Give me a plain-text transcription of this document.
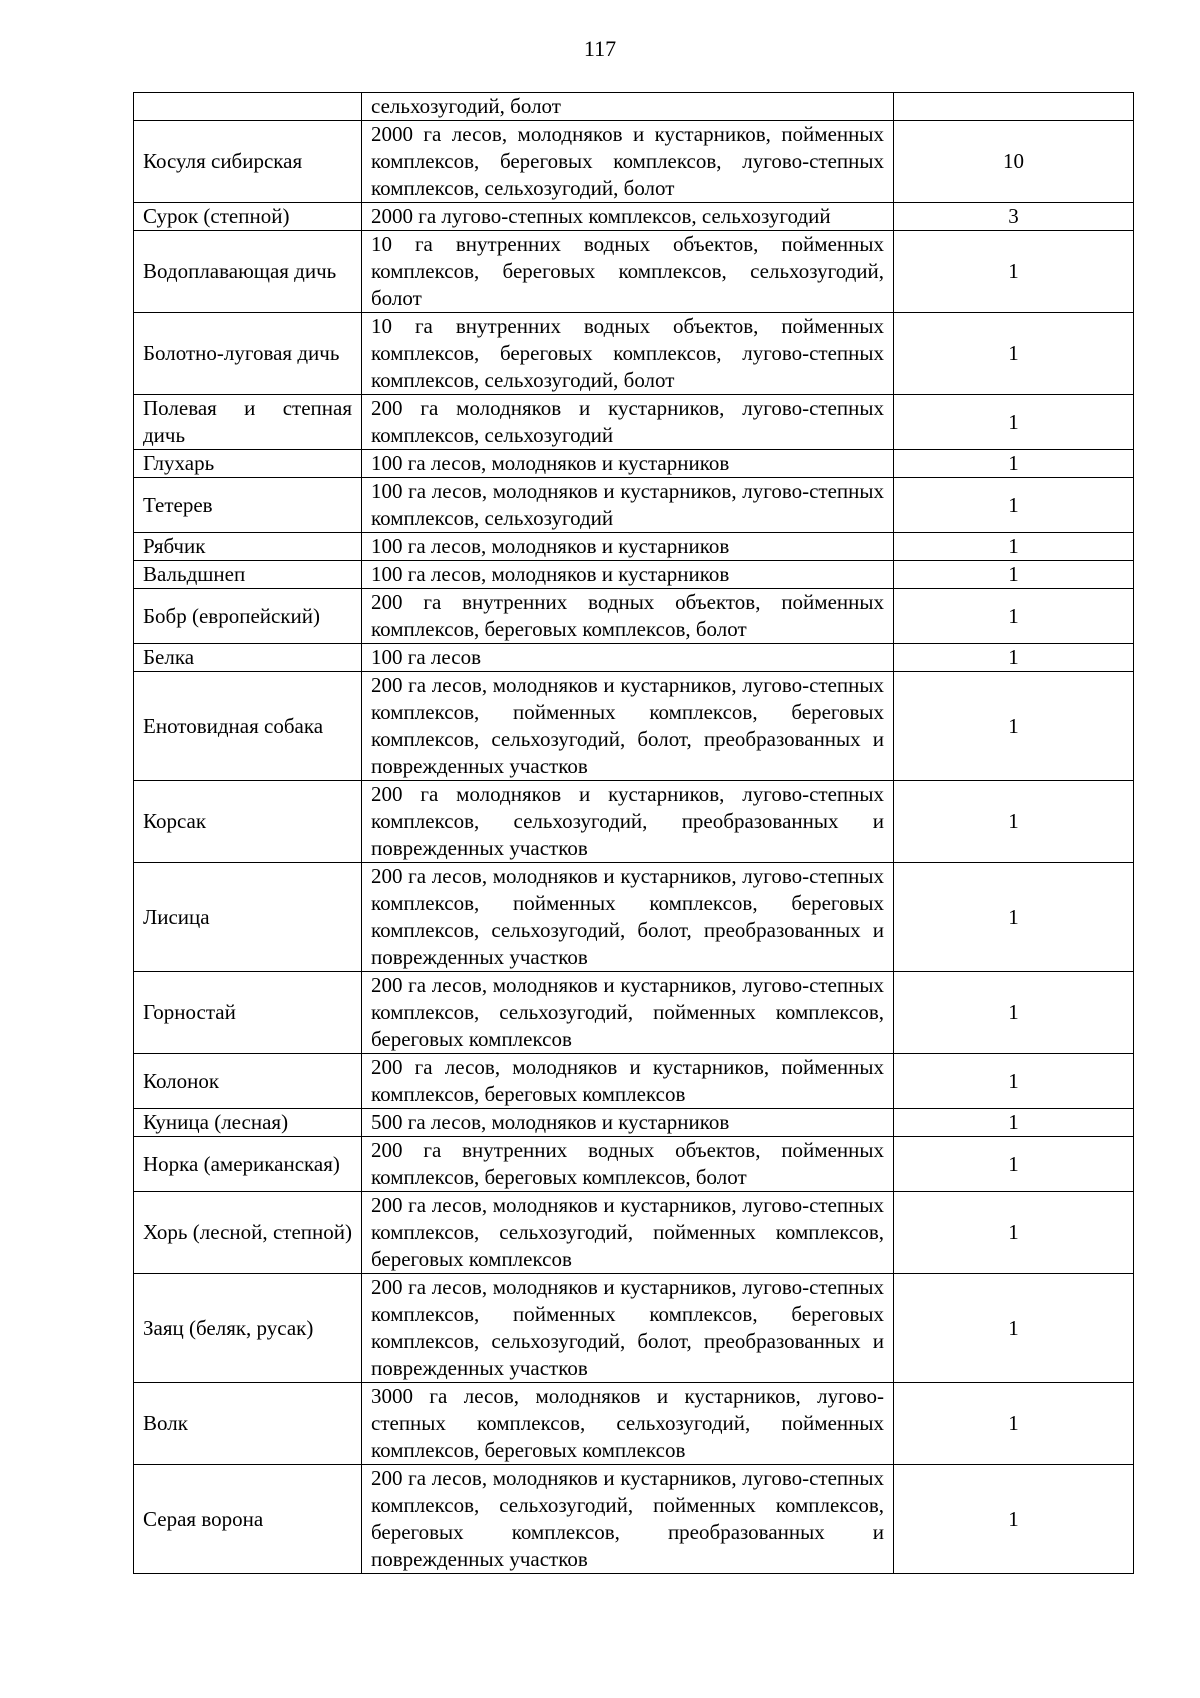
117
	сельхозугодий, болот	
Косуля сибирская	2000 га лесов, молодняков и кустарников, пойменных комплексов, береговых комплексов, лугово-степных комплексов, сельхозугодий, болот	10
Сурок (степной)	2000 га лугово-степных комплексов, сельхозугодий	3
Водоплавающая дичь	10 га внутренних водных объектов, пойменных комплексов, береговых комплексов, сельхозугодий, болот	1
Болотно-луговая дичь	10 га внутренних водных объектов, пойменных комплексов, береговых комплексов, лугово-степных комплексов, сельхозугодий, болот	1
Полевая и степная дичь	200 га молодняков и кустарников, лугово-степных комплексов, сельхозугодий	1
Глухарь	100 га лесов, молодняков и кустарников	1
Тетерев	100 га лесов, молодняков и кустарников, лугово-степных комплексов, сельхозугодий	1
Рябчик	100 га лесов, молодняков и кустарников	1
Вальдшнеп	100 га лесов, молодняков и кустарников	1
Бобр (европейский)	200 га внутренних водных объектов, пойменных комплексов, береговых комплексов, болот	1
Белка	100 га лесов	1
Енотовидная собака	200 га лесов, молодняков и кустарников, лугово-степных комплексов, пойменных комплексов, береговых комплексов, сельхозугодий, болот, преобразованных и поврежденных участков	1
Корсак	200 га молодняков и кустарников, лугово-степных комплексов, сельхозугодий, преобразованных и поврежденных участков	1
Лисица	200 га лесов, молодняков и кустарников, лугово-степных комплексов, пойменных комплексов, береговых комплексов, сельхозугодий, болот, преобразованных и поврежденных участков	1
Горностай	200 га лесов, молодняков и кустарников, лугово-степных комплексов, сельхозугодий, пойменных комплексов, береговых комплексов	1
Колонок	200 га лесов, молодняков и кустарников, пойменных комплексов, береговых комплексов	1
Куница (лесная)	500 га лесов, молодняков и кустарников	1
Норка (американская)	200 га внутренних водных объектов, пойменных комплексов, береговых комплексов, болот	1
Хорь (лесной, степной)	200 га лесов, молодняков и кустарников, лугово-степных комплексов, сельхозугодий, пойменных комплексов, береговых комплексов	1
Заяц (беляк, русак)	200 га лесов, молодняков и кустарников, лугово-степных комплексов, пойменных комплексов, береговых комплексов, сельхозугодий, болот, преобразованных и поврежденных участков	1
Волк	3000 га лесов, молодняков и кустарников, лугово-степных комплексов, сельхозугодий, пойменных комплексов, береговых комплексов	1
Серая ворона	200 га лесов, молодняков и кустарников, лугово-степных комплексов, сельхозугодий, пойменных комплексов, береговых комплексов, преобразованных и поврежденных участков	1
